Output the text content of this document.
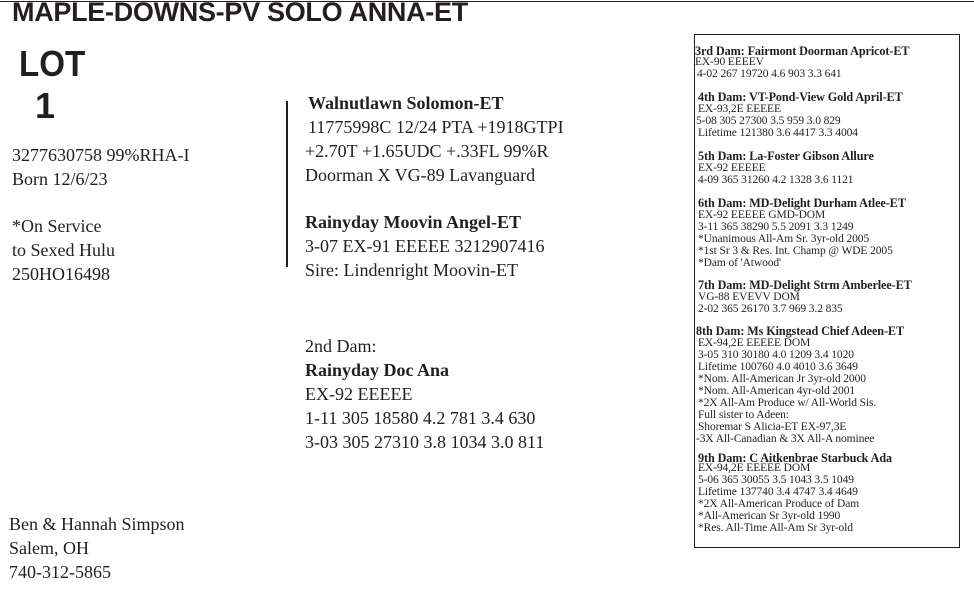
MAPLE-DOWNS-PV SOLO ANNA-ET
LOT
1
3277630758 99%RHA-I
Born 12/6/23
*On Service
to Sexed Hulu
250HO16498
Ben & Hannah Simpson
Salem, OH
740-312-5865
Walnutlawn Solomon-ET
11775998C 12/24 PTA +1918GTPI
+2.70T +1.65UDC +.33FL 99%R
Doorman X VG-89 Lavanguard
Rainyday Moovin Angel-ET
3-07 EX-91 EEEEE 3212907416
Sire: Lindenright Moovin-ET
2nd Dam:
Rainyday Doc Ana
EX-92 EEEEE
1-11 305 18580 4.2 781 3.4 630
3-03 305 27310 3.8 1034 3.0 811
3rd Dam: Fairmont Doorman Apricot-ET
EX-90 EEEEV
4-02 267 19720 4.6 903 3.3 641
4th Dam: VT-Pond-View Gold April-ET
EX-93,2E EEEEE
5-08 305 27300 3.5 959 3.0 829
Lifetime 121380 3.6 4417 3.3 4004
5th Dam: La-Foster Gibson Allure
EX-92 EEEEE
4-09 365 31260 4.2 1328 3.6 1121
6th Dam: MD-Delight Durham Atlee-ET
EX-92 EEEEE GMD-DOM
3-11 365 38290 5.5 2091 3.3 1249
*Unanimous All-Am Sr. 3yr-old 2005
*1st Sr 3 & Res. Int. Champ @ WDE 2005
*Dam of 'Atwood'
7th Dam: MD-Delight Strm Amberlee-ET
VG-88 EVEVV DOM
2-02 365 26170 3.7 969 3.2 835
8th Dam: Ms Kingstead Chief Adeen-ET
EX-94,2E EEEEE DOM
3-05 310 30180 4.0 1209 3.4 1020
Lifetime 100760 4.0 4010 3.6 3649
*Nom. All-American Jr 3yr-old 2000
*Nom. All-American 4yr-old 2001
*2X All-Am Produce w/ All-World Sis.
Full sister to Adeen:
Shoremar S Alicia-ET EX-97,3E
-3X All-Canadian & 3X All-A nominee
9th Dam: C Aitkenbrae Starbuck Ada
EX-94,2E EEEEE DOM
5-06 365 30055 3.5 1043 3.5 1049
Lifetime 137740 3.4 4747 3.4 4649
*2X All-American Produce of Dam
*All-American Sr 3yr-old 1990
*Res. All-Time All-Am Sr 3yr-old
